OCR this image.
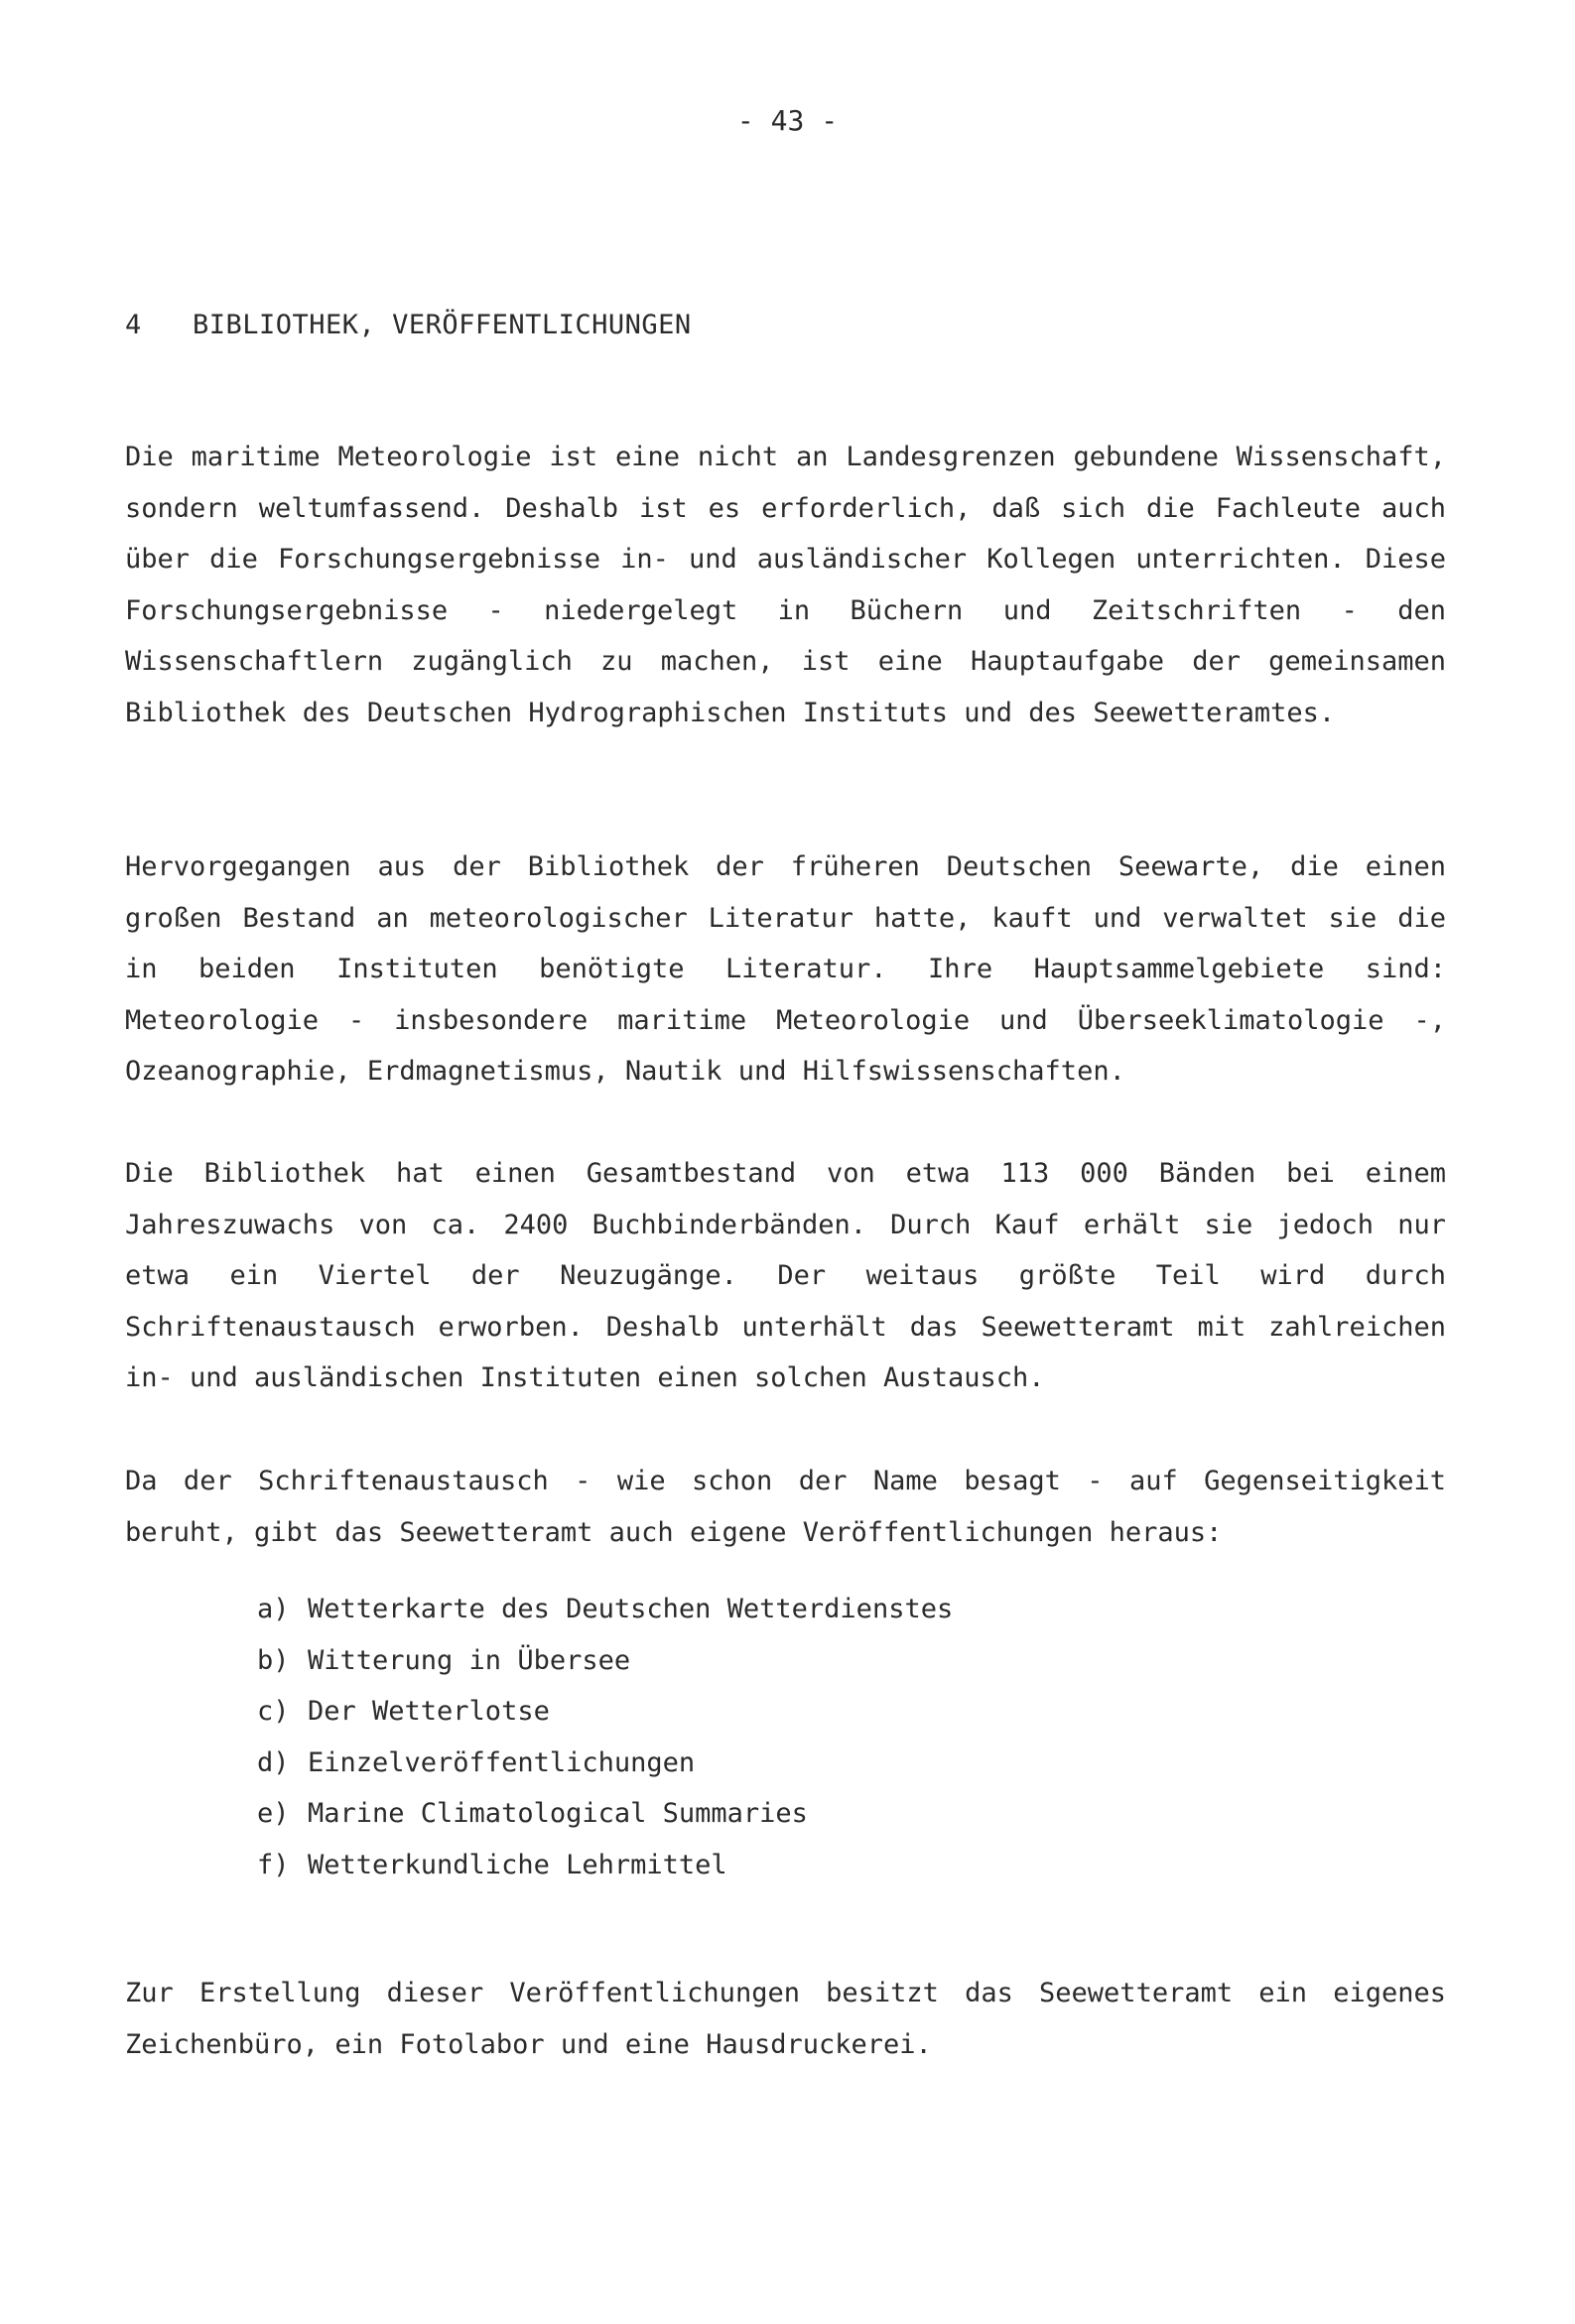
- 43 -
4 BIBLIOTHEK, VERÖFFENTLICHUNGEN

Die maritime Meteorologie ist eine nicht an Landesgrenzen gebundene Wissenschaft, sondern weltumfassend. Deshalb ist es erforderlich, daß sich die Fachleute auch über die Forschungsergebnisse in- und ausländischer Kollegen unterrichten. Diese Forschungsergebnisse - niedergelegt in Büchern und Zeitschriften - den Wissenschaftlern zugänglich zu machen, ist eine Hauptaufgabe der gemeinsamen Bibliothek des Deutschen Hydrographischen Instituts und des Seewetteramtes.

Hervorgegangen aus der Bibliothek der früheren Deutschen Seewarte, die einen großen Bestand an meteorologischer Literatur hatte, kauft und verwaltet sie die in beiden Instituten benötigte Literatur. Ihre Hauptsammelgebiete sind: Meteorologie - insbesondere maritime Meteorologie und Überseeklimatologie -, Ozeanographie, Erdmagnetismus, Nautik und Hilfswissenschaften.

Die Bibliothek hat einen Gesamtbestand von etwa 113 000 Bänden bei einem Jahreszuwachs von ca. 2400 Buchbinderbänden. Durch Kauf erhält sie jedoch nur etwa ein Viertel der Neuzugänge. Der weitaus größte Teil wird durch Schriftenaustausch erworben. Deshalb unterhält das Seewetteramt mit zahlreichen in- und ausländischen Instituten einen solchen Austausch.

Da der Schriftenaustausch - wie schon der Name besagt - auf Gegenseitigkeit beruht, gibt das Seewetteramt auch eigene Veröffentlichungen heraus:

a) Wetterkarte des Deutschen Wetterdienstes
b) Witterung in Übersee
c) Der Wetterlotse
d) Einzelveröffentlichungen
e) Marine Climatological Summaries
f) Wetterkundliche Lehrmittel

Zur Erstellung dieser Veröffentlichungen besitzt das Seewetteramt ein eigenes Zeichenbüro, ein Fotolabor und eine Hausdruckerei.
